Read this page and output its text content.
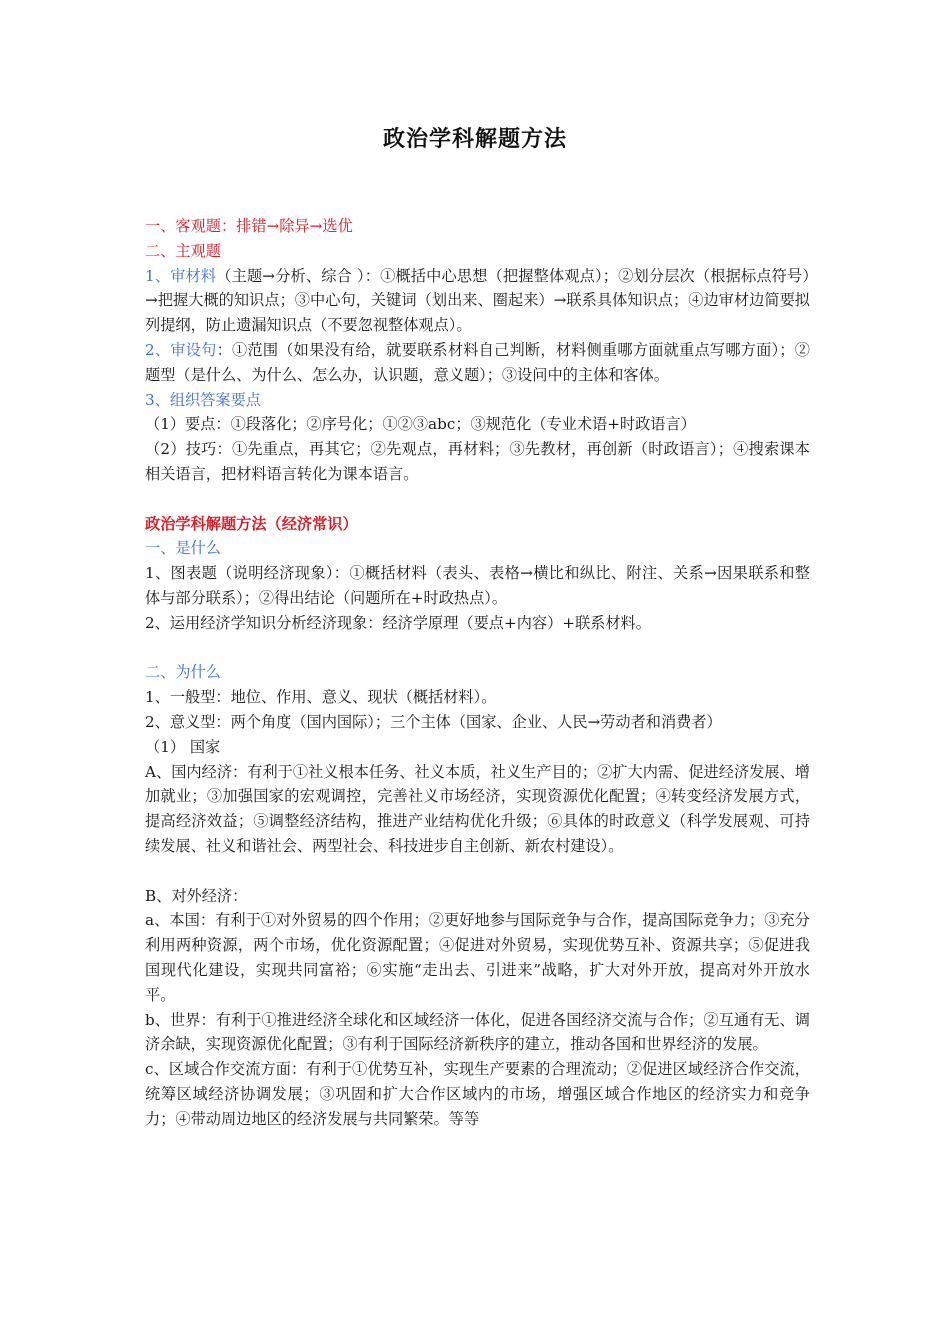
政治学科解题方法

一、客观题：排错→除异→选优

二、主观题

1、审材料（主题→分析、综合 ）：①概括中心思想（把握整体观点）；②划分层次（根据标点符号）→把握大概的知识点；③中心句，关键词（划出来、圈起来）→联系具体知识点；④边审材边简要拟列提纲，防止遗漏知识点（不要忽视整体观点）。

2、审设句：①范围（如果没有给，就要联系材料自己判断，材料侧重哪方面就重点写哪方面）；②题型（是什么、为什么、怎么办，认识题，意义题）；③设问中的主体和客体。

3、组织答案要点

（1）要点：①段落化；②序号化；①②③abc；③规范化（专业术语+时政语言）

（2）技巧：①先重点，再其它；②先观点，再材料；③先教材，再创新（时政语言）；④搜索课本相关语言，把材料语言转化为课本语言。

政治学科解题方法（经济常识）

一、是什么

1、图表题（说明经济现象）：①概括材料（表头、表格→横比和纵比、附注、关系→因果联系和整体与部分联系）；②得出结论（问题所在+时政热点）。

2、运用经济学知识分析经济现象：经济学原理（要点+内容）+联系材料。

二、为什么

1、一般型：地位、作用、意义、现状（概括材料）。

2、意义型：两个角度（国内国际）；三个主体（国家、企业、人民→劳动者和消费者）

（1） 国家

A、国内经济：有利于①社义根本任务、社义本质，社义生产目的；②扩大内需、促进经济发展、增加就业；③加强国家的宏观调控，完善社义市场经济，实现资源优化配置；④转变经济发展方式，提高经济效益；⑤调整经济结构，推进产业结构优化升级；⑥具体的时政意义（科学发展观、可持续发展、社义和谐社会、两型社会、科技进步自主创新、新农村建设）。

B、对外经济：

a、本国：有利于①对外贸易的四个作用；②更好地参与国际竞争与合作，提高国际竞争力；③充分利用两种资源，两个市场，优化资源配置；④促进对外贸易，实现优势互补、资源共享；⑤促进我国现代化建设，实现共同富裕；⑥实施“走出去、引进来”战略，扩大对外开放，提高对外开放水平。

b、世界：有利于①推进经济全球化和区域经济一体化，促进各国经济交流与合作；②互通有无、调济余缺，实现资源优化配置；③有利于国际经济新秩序的建立，推动各国和世界经济的发展。

c、区域合作交流方面：有利于①优势互补，实现生产要素的合理流动；②促进区域经济合作交流，统筹区域经济协调发展；③巩固和扩大合作区域内的市场，增强区域合作地区的经济实力和竞争力；④带动周边地区的经济发展与共同繁荣。等等
